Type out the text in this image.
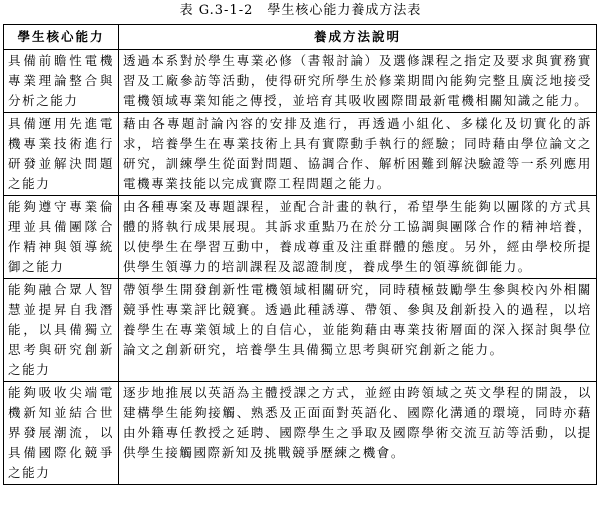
表 G.3-1-2　學生核心能力養成方法表
學生核心能力	養成方法說明
具備前瞻性電機專業理論整合與分析之能力	透過本系對於學生專業必修（書報討論）及選修課程之指定及要求與實務實習及工廠參訪等活動，使得研究所學生於修業期間內能夠完整且廣泛地接受電機領域專業知能之傳授，並培育其吸收國際間最新電機相關知識之能力。
具備運用先進電機專業技術進行研發並解決問題之能力	藉由各專題討論內容的安排及進行，再透過小組化、多樣化及切實化的訴求，培養學生在專業技術上具有實際動手執行的經驗；同時藉由學位論文之研究，訓練學生從面對問題、協調合作、解析困難到解決驗證等一系列應用電機專業技能以完成實際工程問題之能力。
能夠遵守專業倫理並具備團隊合作精神與領導統御之能力	由各種專案及專題課程，並配合計畫的執行，希望學生能夠以團隊的方式具體的將執行成果展現。其訴求重點乃在於分工協調與團隊合作的精神培養，以使學生在學習互動中，養成尊重及注重群體的態度。另外，經由學校所提供學生領導力的培訓課程及認證制度，養成學生的領導統御能力。
能夠融合眾人智慧並提昇自我潛能，以具備獨立思考與研究創新之能力	帶領學生開發創新性電機領域相關研究，同時積極鼓勵學生參與校內外相關競爭性專業評比競賽。透過此種誘導、帶領、參與及創新投入的過程，以培養學生在專業領域上的自信心，並能夠藉由專業技術層面的深入探討與學位論文之創新研究，培養學生具備獨立思考與研究創新之能力。
能夠吸收尖端電機新知並結合世界發展潮流，以具備國際化競爭之能力	逐步地推展以英語為主體授課之方式，並經由跨領域之英文學程的開設，以建構學生能夠接觸、熟悉及正面面對英語化、國際化溝通的環境，同時亦藉由外籍專任教授之延聘、國際學生之爭取及國際學術交流互訪等活動，以提供學生接觸國際新知及挑戰競爭歷練之機會。
